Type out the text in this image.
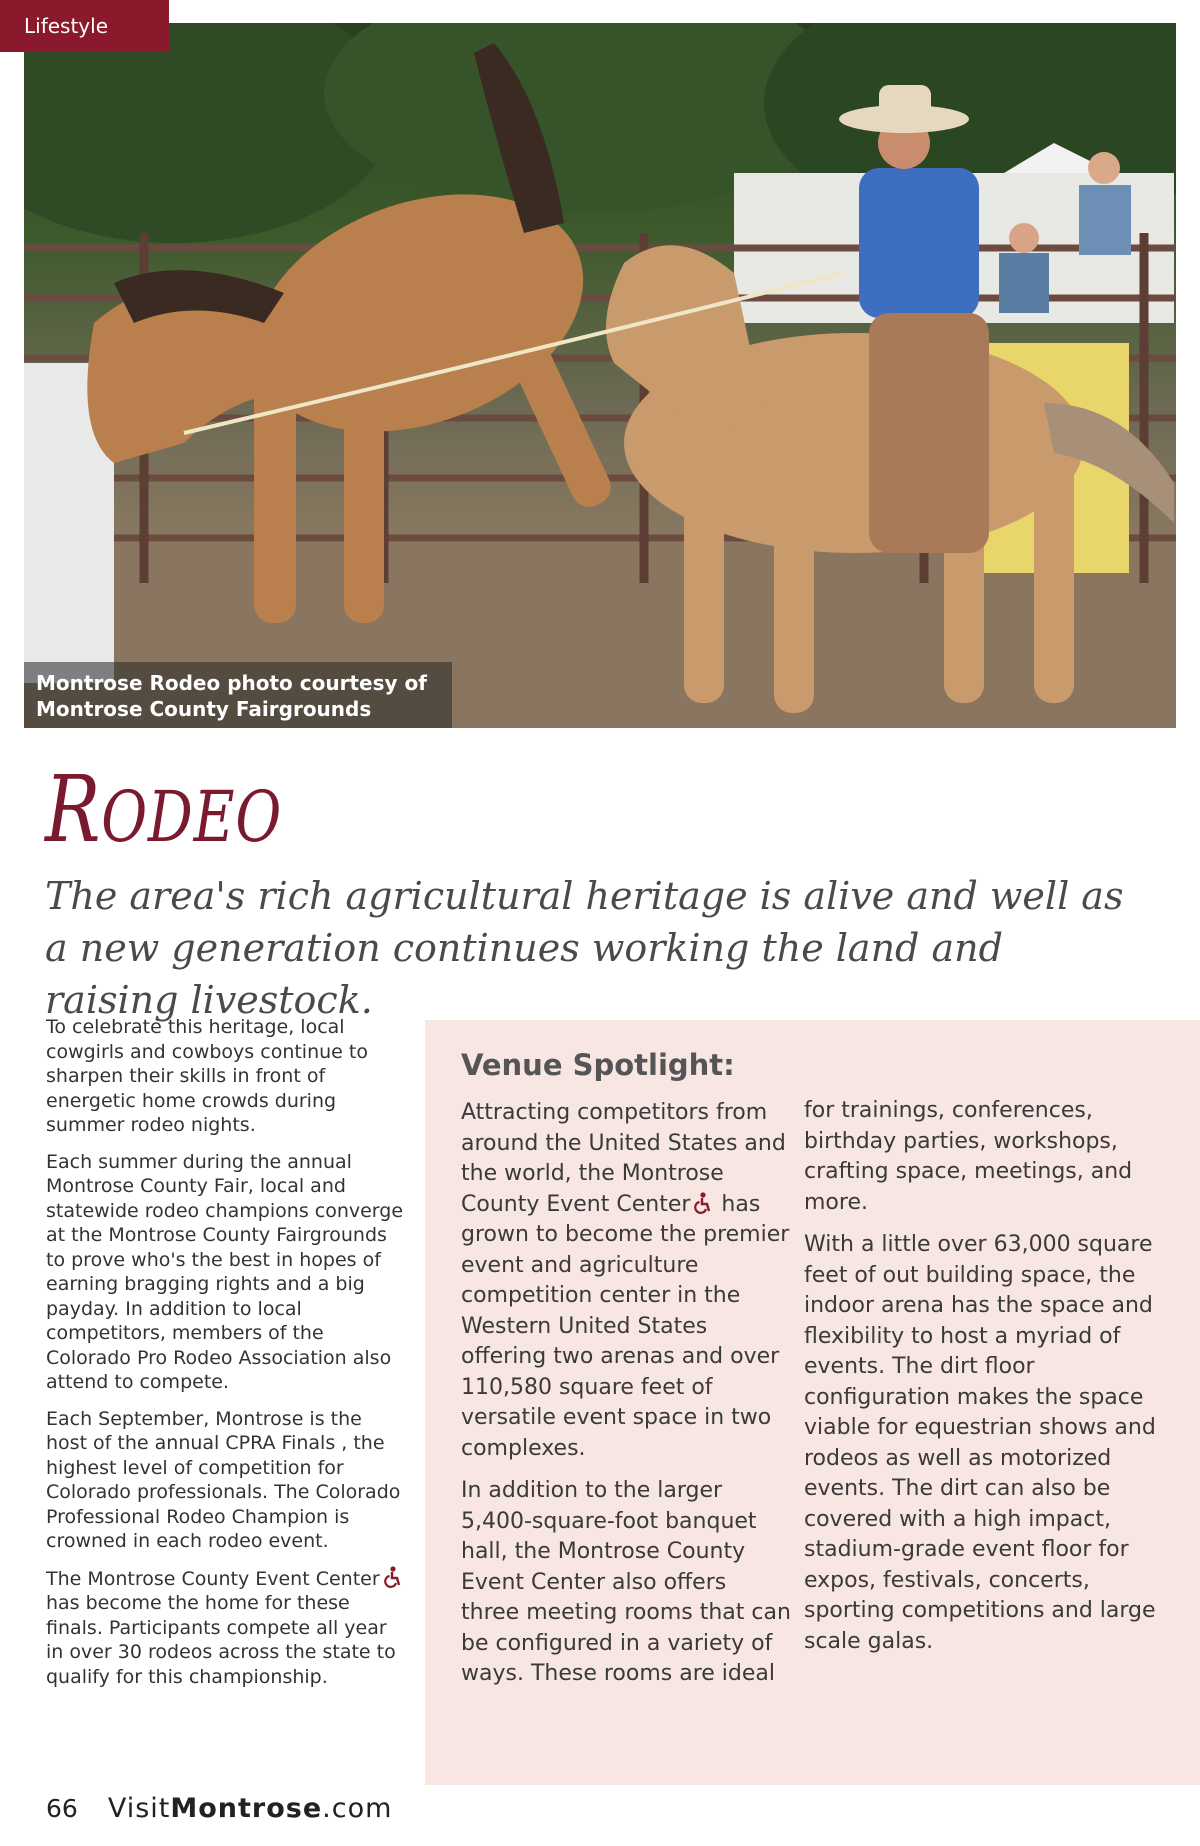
Lifestyle
Montrose Rodeo photo courtesy of
Montrose County Fairgrounds
RODEO

The area's rich agricultural heritage is alive and well as a new generation continues working the land and raising livestock.

To celebrate this heritage, local cowgirls and cowboys continue to sharpen their skills in front of energetic home crowds during summer rodeo nights.

Each summer during the annual Montrose County Fair, local and statewide rodeo champions converge at the Montrose County Fairgrounds to prove who's the best in hopes of earning bragging rights and a big payday. In addition to local competitors, members of the Colorado Pro Rodeo Association also attend to compete.

Each September, Montrose is the host of the annual CPRA Finals , the highest level of competition for Colorado professionals. The Colorado Professional Rodeo Champion is crowned in each rodeo event.

The Montrose County Event Center has become the home for these finals. Participants compete all year in over 30 rodeos across the state to qualify for this championship.

Venue Spotlight:

Attracting competitors from around the United States and the world, the Montrose County Event Center has grown to become the premier event and agriculture competition center in the Western United States offering two arenas and over 110,580 square feet of versatile event space in two complexes.

In addition to the larger 5,400-square-foot banquet hall, the Montrose County Event Center also offers three meeting rooms that can be configured in a variety of ways. These rooms are ideal

for trainings, conferences, birthday parties, workshops, crafting space, meetings, and more.

With a little over 63,000 square feet of out building space, the indoor arena has the space and flexibility to host a myriad of events. The dirt floor configuration makes the space viable for equestrian shows and rodeos as well as motorized events. The dirt can also be covered with a high impact, stadium-grade event floor for expos, festivals, concerts, sporting competitions and large scale galas.

66 VisitMontrose.com
